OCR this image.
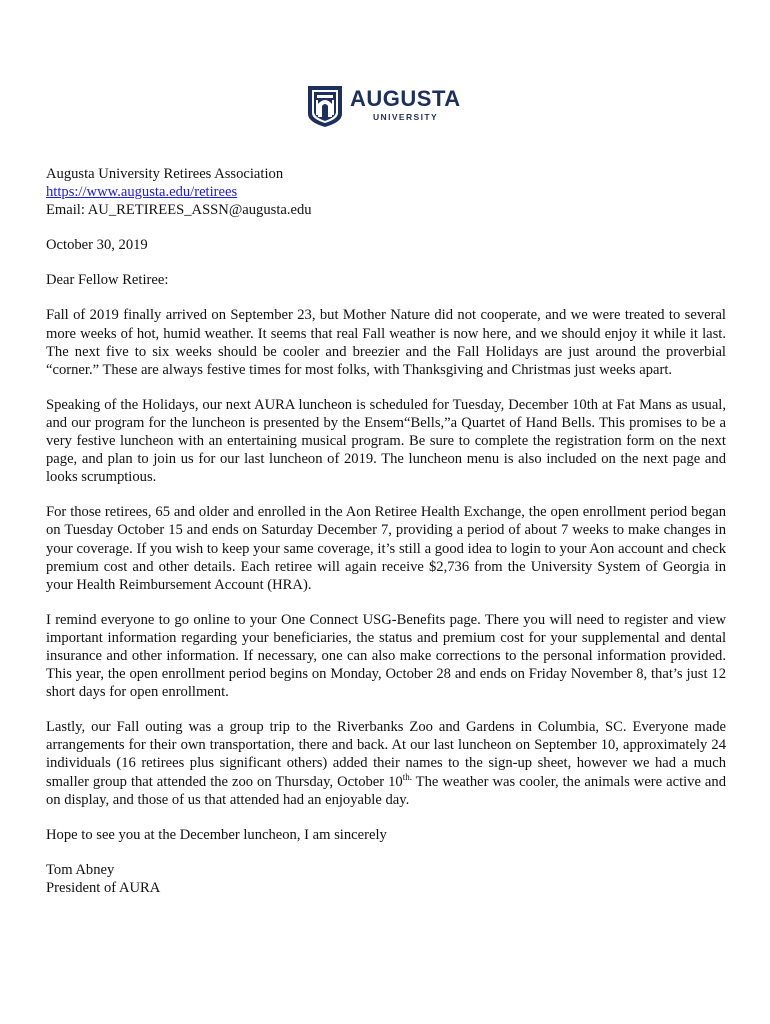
AUGUSTA
UNIVERSITY

Augusta University Retirees Association
https://www.augusta.edu/retirees
Email: AU_RETIREES_ASSN@augusta.edu

October 30, 2019

Dear Fellow Retiree:

Fall of 2019 finally arrived on September 23, but Mother Nature did not cooperate, and we were treated to several more weeks of hot, humid weather. It seems that real Fall weather is now here, and we should enjoy it while it last. The next five to six weeks should be cooler and breezier and the Fall Holidays are just around the proverbial “corner.” These are always festive times for most folks, with Thanksgiving and Christmas just weeks apart.

Speaking of the Holidays, our next AURA luncheon is scheduled for Tuesday, December 10th at Fat Mans as usual, and our program for the luncheon is presented by the Ensem“Bells,”a Quartet of Hand Bells. This promises to be a very festive luncheon with an entertaining musical program. Be sure to complete the registration form on the next page, and plan to join us for our last luncheon of 2019. The luncheon menu is also included on the next page and looks scrumptious.

For those retirees, 65 and older and enrolled in the Aon Retiree Health Exchange, the open enrollment period began on Tuesday October 15 and ends on Saturday December 7, providing a period of about 7 weeks to make changes in your coverage. If you wish to keep your same coverage, it’s still a good idea to login to your Aon account and check premium cost and other details. Each retiree will again receive $2,736 from the University System of Georgia in your Health Reimbursement Account (HRA).

I remind everyone to go online to your One Connect USG-Benefits page. There you will need to register and view important information regarding your beneficiaries, the status and premium cost for your supplemental and dental insurance and other information. If necessary, one can also make corrections to the personal information provided. This year, the open enrollment period begins on Monday, October 28 and ends on Friday November 8, that’s just 12 short days for open enrollment.

Lastly, our Fall outing was a group trip to the Riverbanks Zoo and Gardens in Columbia, SC. Everyone made arrangements for their own transportation, there and back. At our last luncheon on September 10, approximately 24 individuals (16 retirees plus significant others) added their names to the sign-up sheet, however we had a much smaller group that attended the zoo on Thursday, October $10^{th.}$ The weather was cooler, the animals were active and on display, and those of us that attended had an enjoyable day.

Hope to see you at the December luncheon, I am sincerely

Tom Abney
President of AURA
